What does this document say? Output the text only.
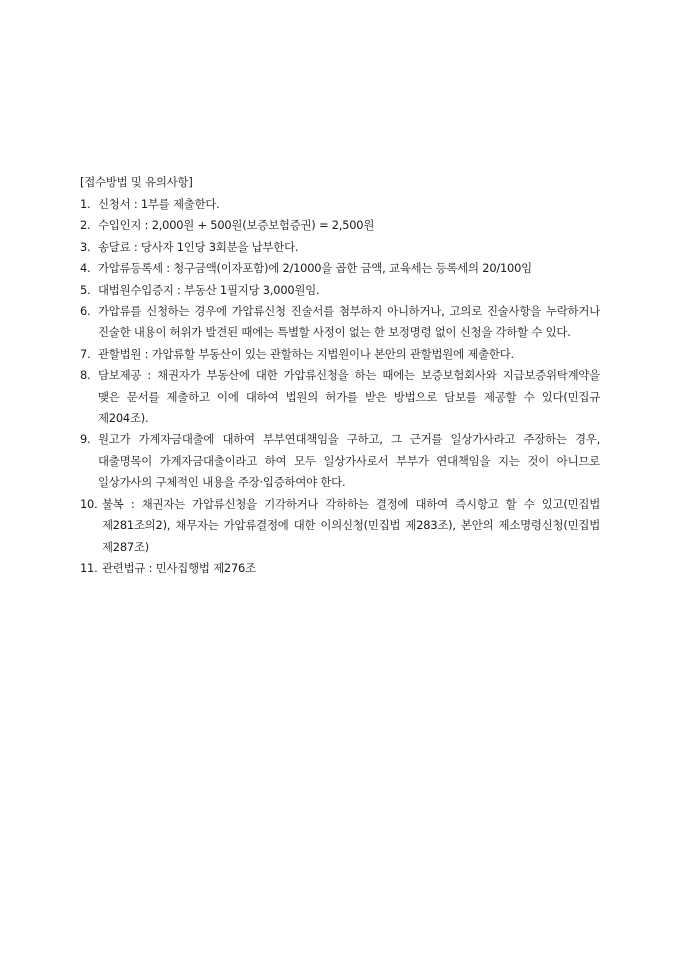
[접수방법 및 유의사항]
1. 신청서 : 1부를 제출한다.
2. 수입인지 : 2,000원 + 500원(보증보험증권) = 2,500원
3. 송달료 : 당사자 1인당 3회분을 납부한다.
4. 가압류등록세 : 청구금액(이자포함)에 2/1000을 곱한 금액, 교육세는 등록세의 20/100임
5. 대법원수입증지 : 부동산 1필지당 3,000원임.
6. 가압류를 신청하는 경우에 가압류신청 진술서를 첨부하지 아니하거나, 고의로 진술사항을 누락하거나 진술한 내용이 허위가 발견된 때에는 특별할 사정이 없는 한 보정명령 없이 신청을 각하할 수 있다.
7. 관할법원 : 가압류할 부동산이 있는 관할하는 지법원이나 본안의 관할법원에 제출한다.
8. 담보제공 : 채권자가 부동산에 대한 가압류신청을 하는 때에는 보증보험회사와 지급보증위탁계약을 맺은 문서를 제출하고 이에 대하여 법원의 허가를 받은 방법으로 담보를 제공할 수 있다(민집규 제204조).
9. 원고가 가계자금대출에 대하여 부부연대책임을 구하고, 그 근거를 일상가사라고 주장하는 경우, 대출명목이 가계자금대출이라고 하여 모두 일상가사로서 부부가 연대책임을 지는 것이 아니므로 일상가사의 구체적인 내용을 주장·입증하여야 한다.
10. 불복 : 채권자는 가압류신청을 기각하거나 각하하는 결정에 대하여 즉시항고 할 수 있고(민집법 제281조의2), 채무자는 가압류결정에 대한 이의신청(민집법 제283조), 본안의 제소명령신청(민집법 제287조)
11. 관련법규 : 민사집행법 제276조
